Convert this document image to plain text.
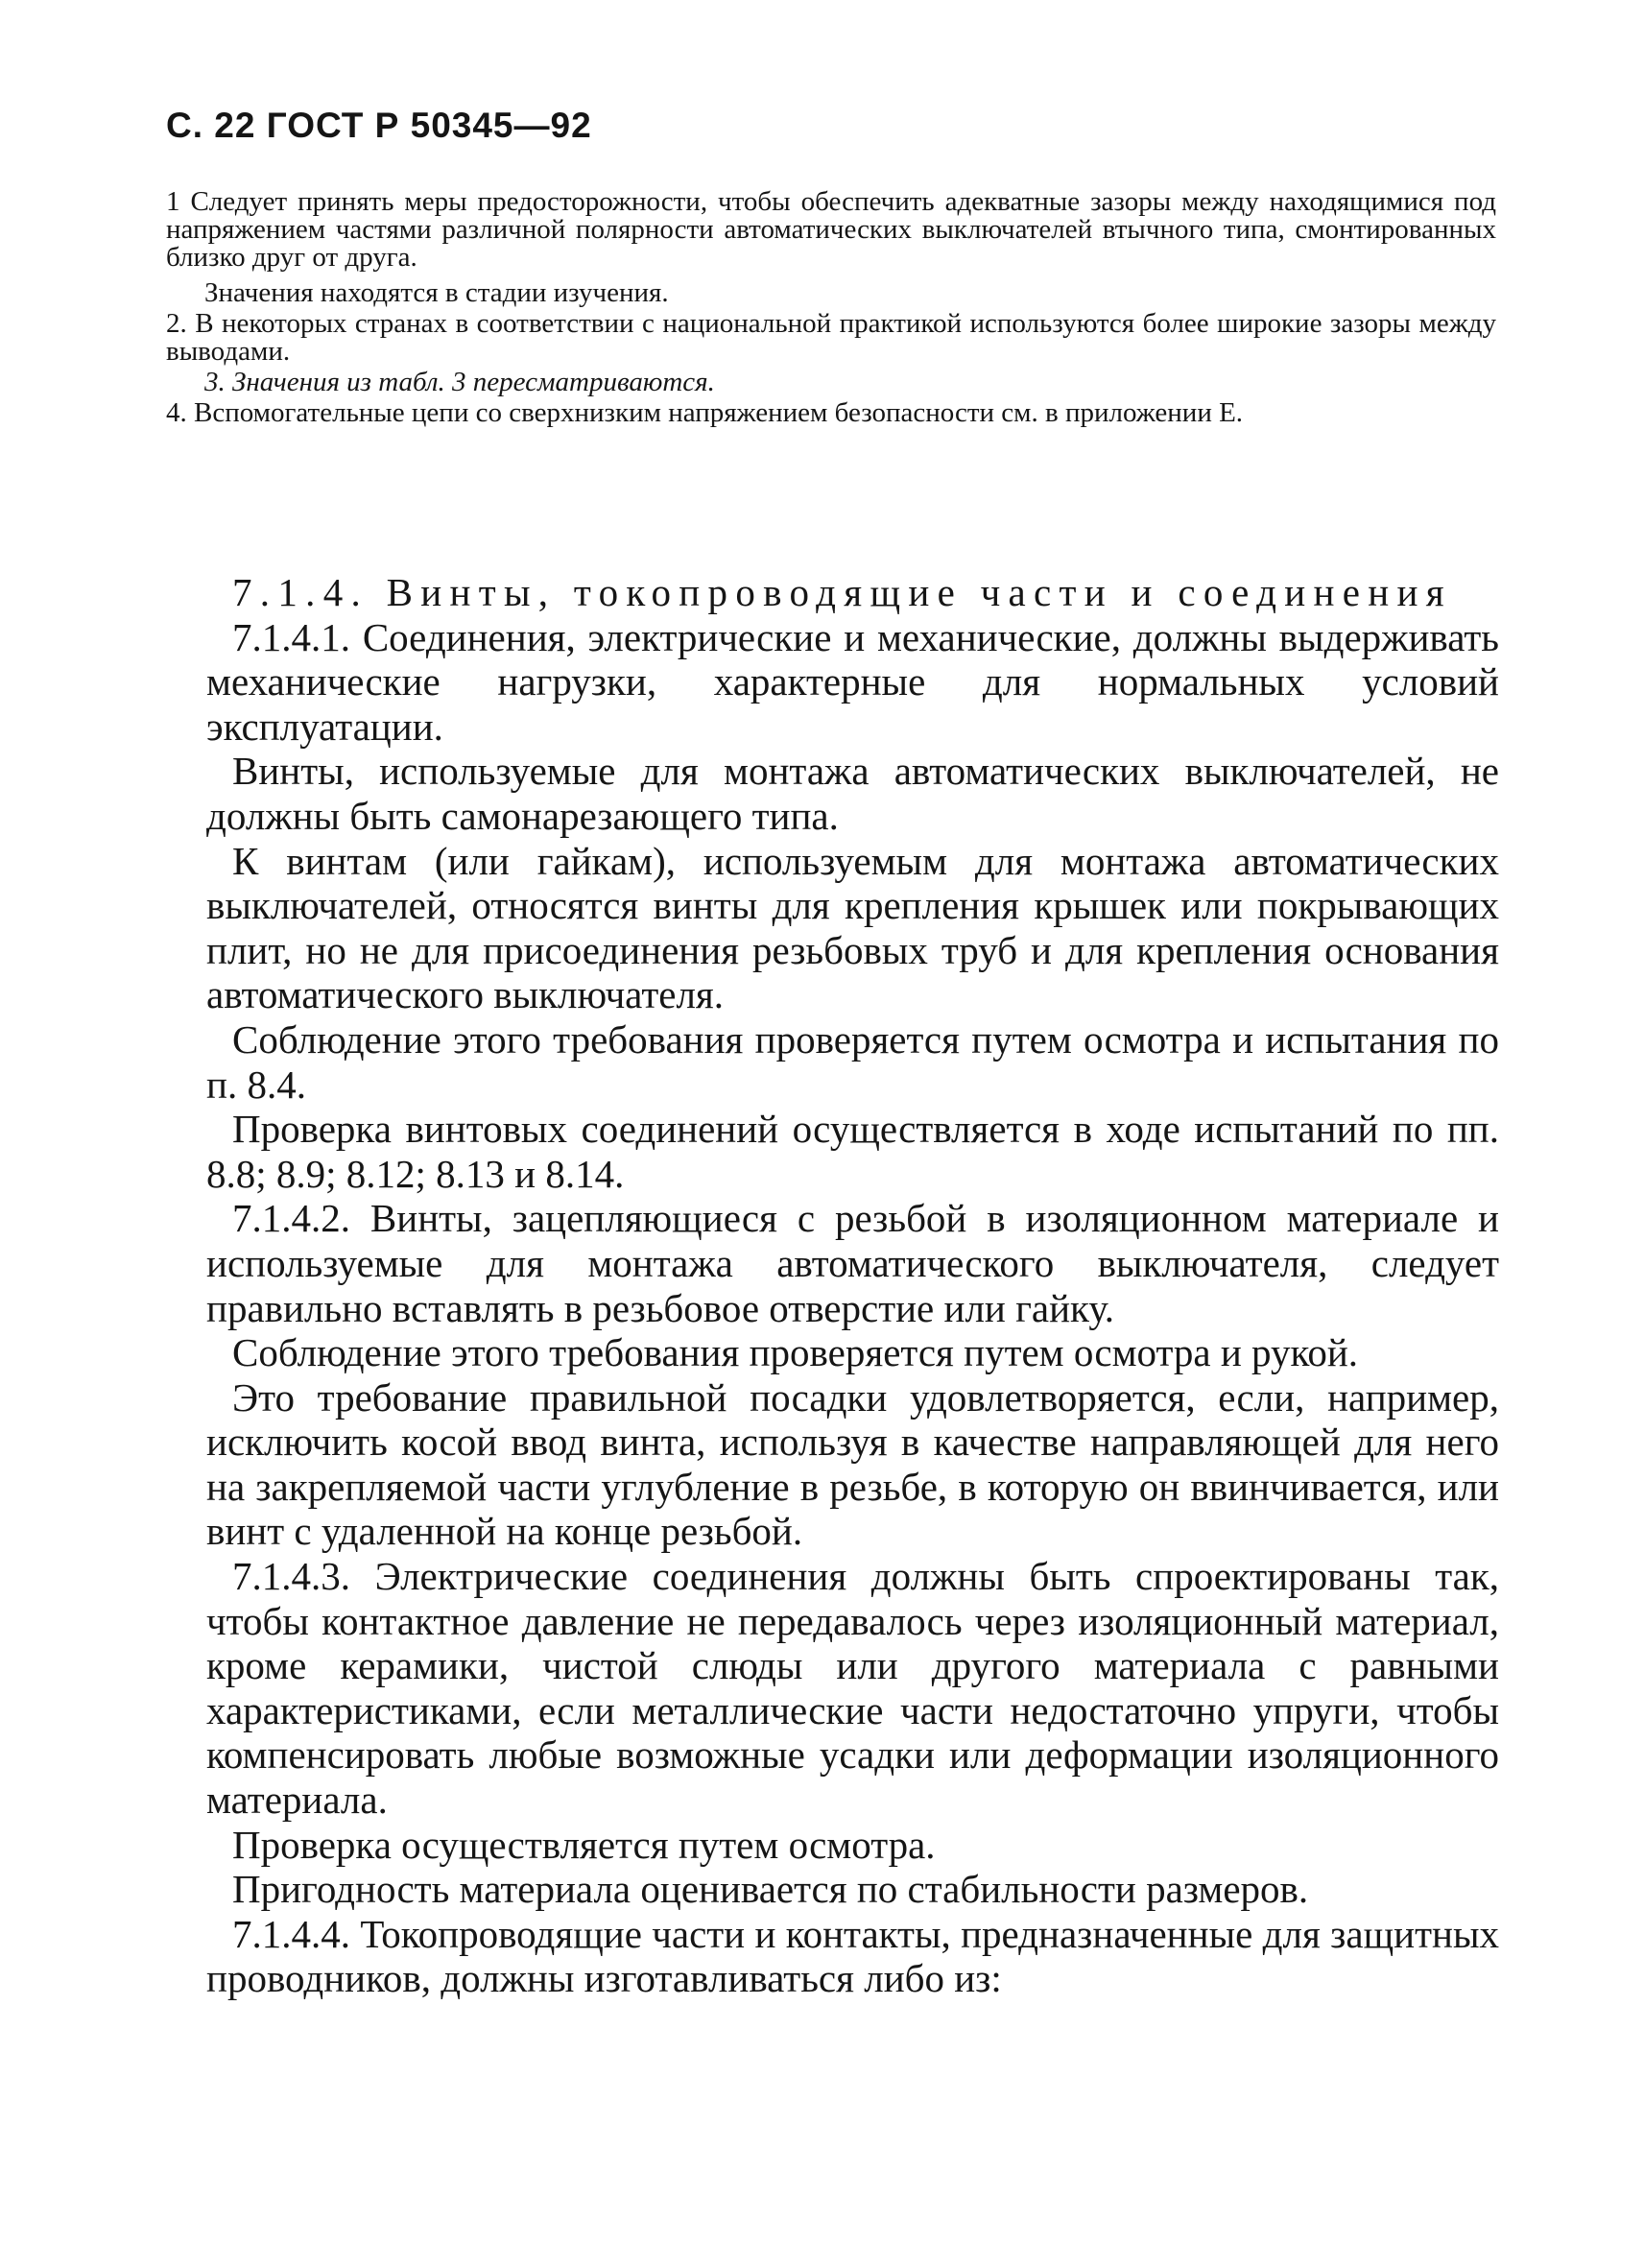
С. 22 ГОСТ Р 50345—92

1 Следует принять меры предосторожности, чтобы обеспечить адекватные зазоры между находящимися под напряжением частями различной полярности автоматических выключателей втычного типа, смонтированных близко друг от друга.

Значения находятся в стадии изучения.

2. В некоторых странах в соответствии с национальной практикой используются более широкие зазоры между выводами.

3. Значения из табл. 3 пересматриваются.

4. Вспомогательные цепи со сверхнизким напряжением безопасности см. в приложении Е.

7.1.4. Винты, токопроводящие части и соединения

7.1.4.1. Соединения, электрические и механические, должны выдерживать механические нагрузки, характерные для нормальных условий эксплуатации.

Винты, используемые для монтажа автоматических выключателей, не должны быть самонарезающего типа.

К винтам (или гайкам), используемым для монтажа автоматических выключателей, относятся винты для крепления крышек или покрывающих плит, но не для присоединения резьбовых труб и для крепления основания автоматического выключателя.

Соблюдение этого требования проверяется путем осмотра и испытания по п. 8.4.

Проверка винтовых соединений осуществляется в ходе испытаний по пп. 8.8; 8.9; 8.12; 8.13 и 8.14.

7.1.4.2. Винты, зацепляющиеся с резьбой в изоляционном материале и используемые для монтажа автоматического выключателя, следует правильно вставлять в резьбовое отверстие или гайку.

Соблюдение этого требования проверяется путем осмотра и рукой.

Это требование правильной посадки удовлетворяется, если, например, исключить косой ввод винта, используя в качестве направляющей для него на закрепляемой части углубление в резьбе, в которую он ввинчивается, или винт с удаленной на конце резьбой.

7.1.4.3. Электрические соединения должны быть спроектированы так, чтобы контактное давление не передавалось через изоляционный материал, кроме керамики, чистой слюды или другого материала с равными характеристиками, если металлические части недостаточно упруги, чтобы компенсировать любые возможные усадки или деформации изоляционного материала.

Проверка осуществляется путем осмотра.

Пригодность материала оценивается по стабильности размеров.

7.1.4.4. Токопроводящие части и контакты, предназначенные для защитных проводников, должны изготавливаться либо из:
